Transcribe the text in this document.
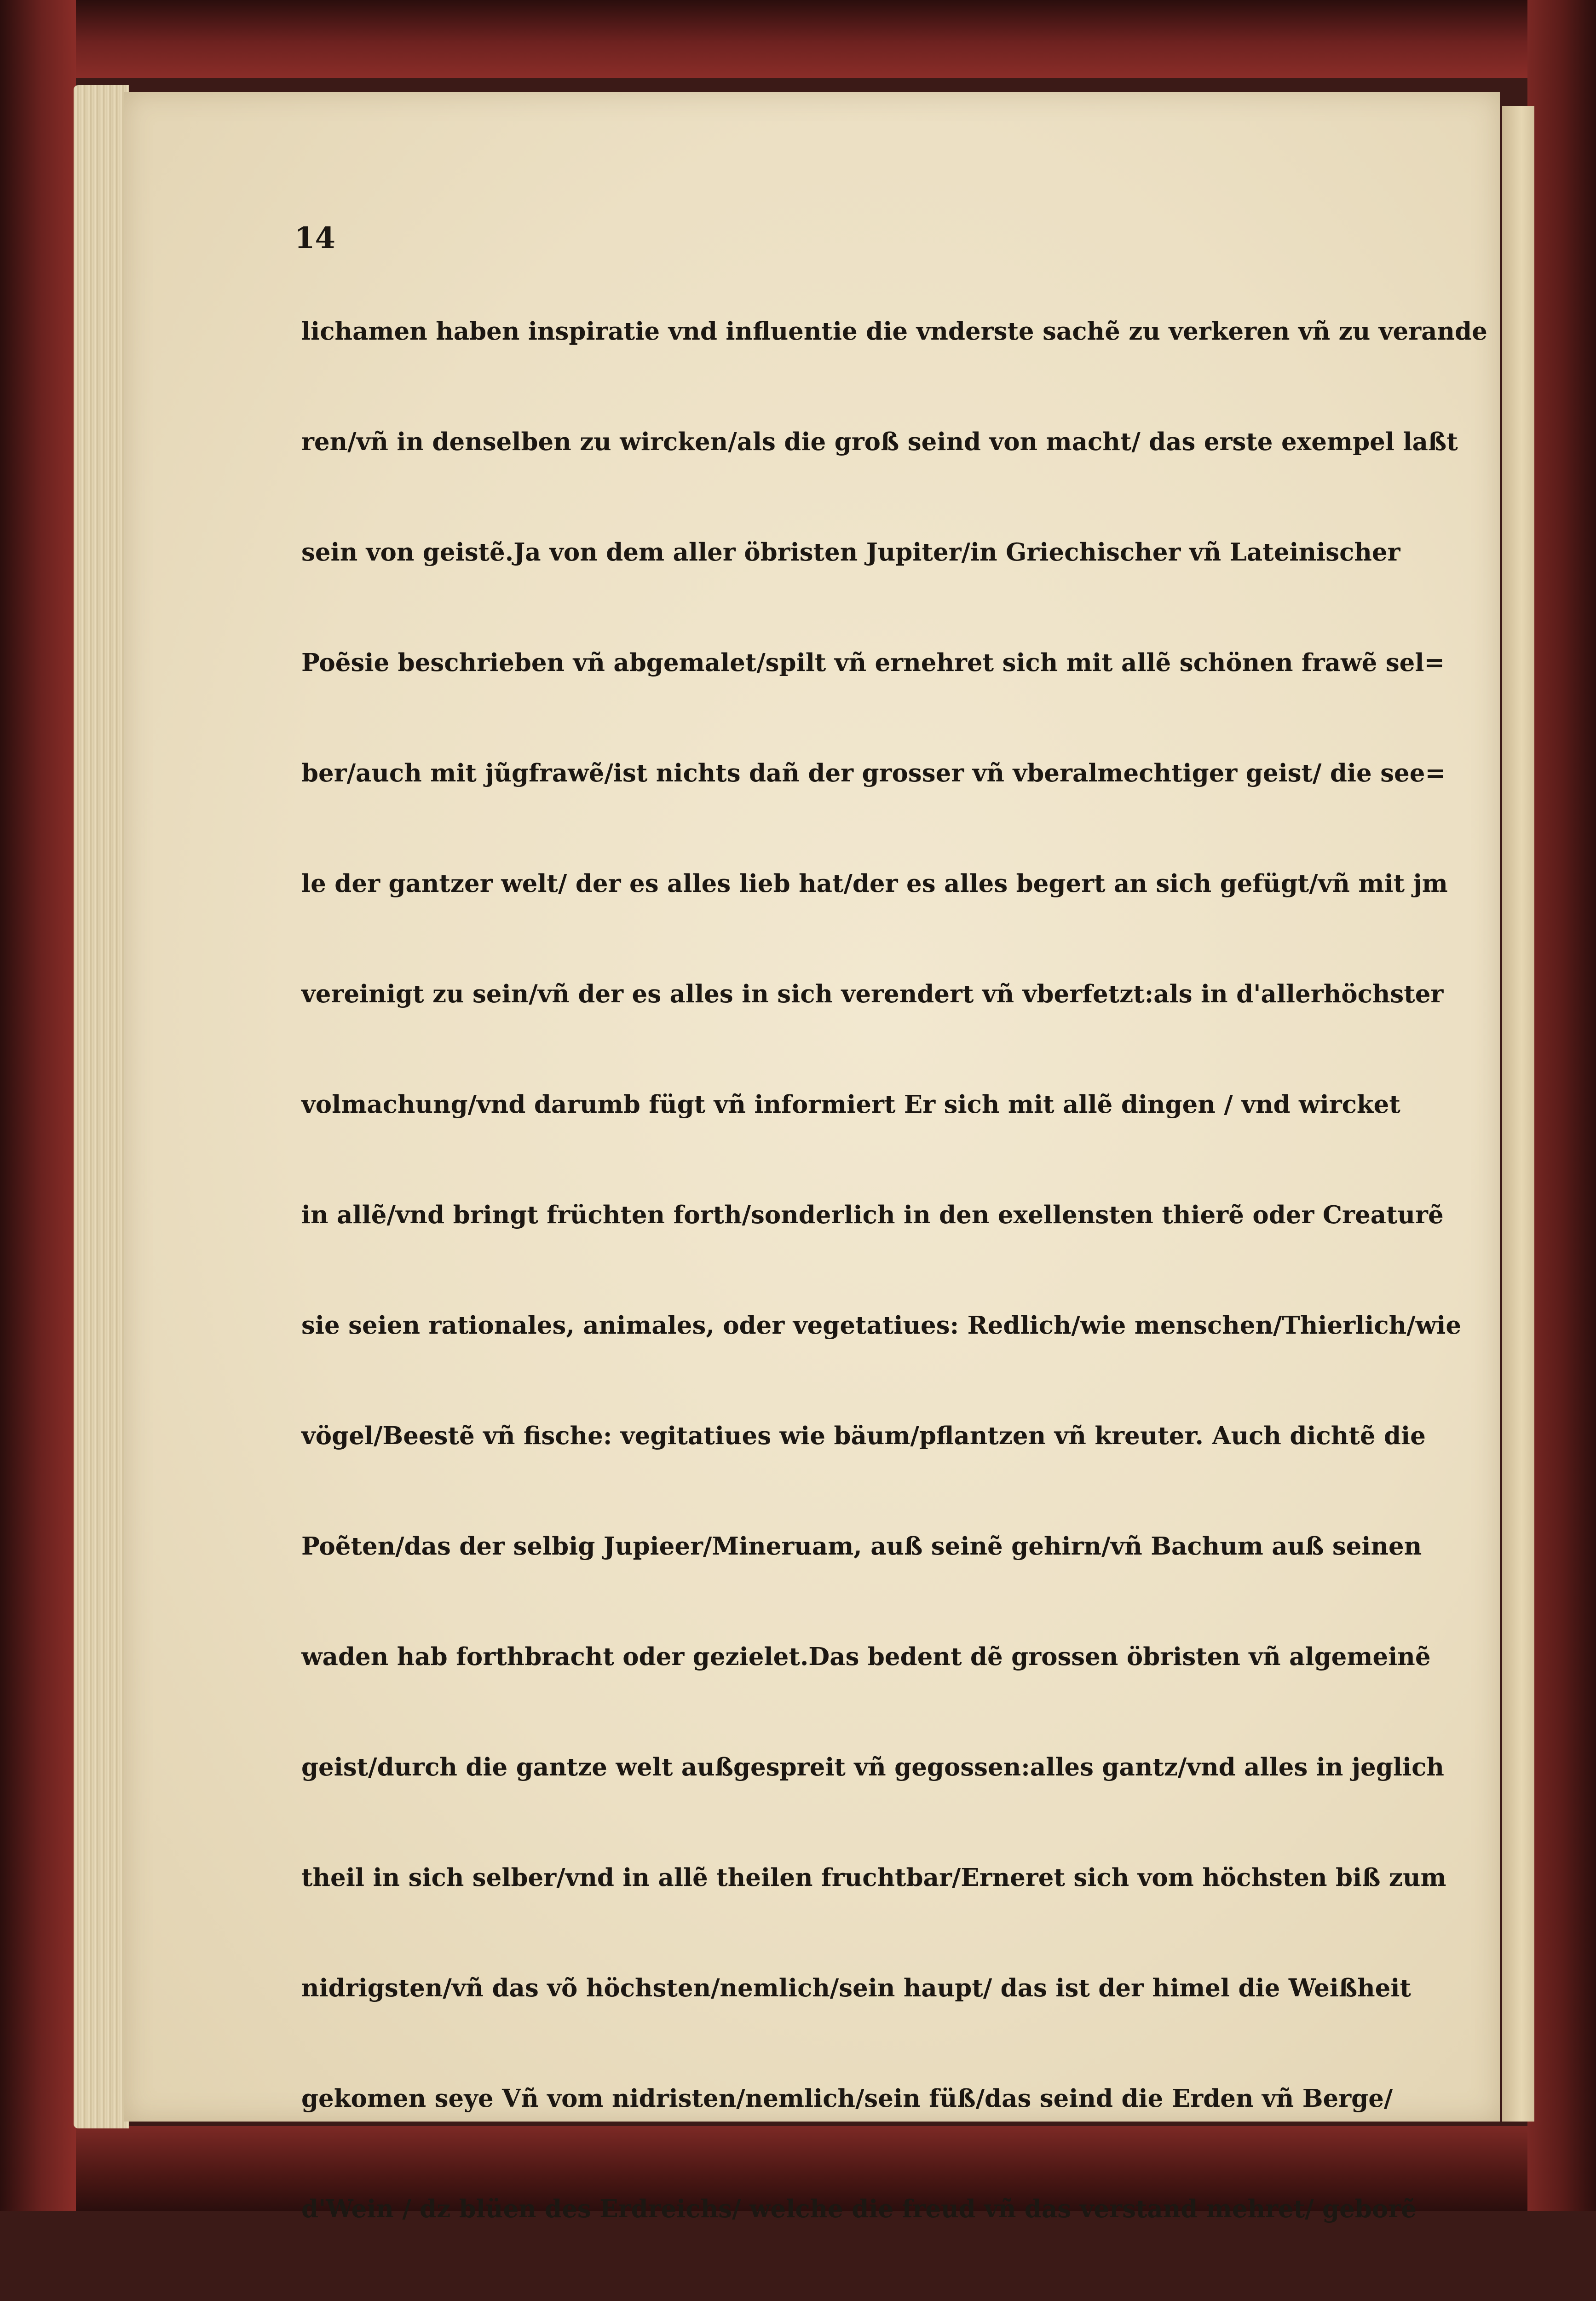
14

lichamen haben inspiratie vnd influentie die vnderste sachẽ zu verkeren vñ zu verande

ren/vñ in denselben zu wircken/als die groß seind von macht/ das erste exempel laßt

sein von geistẽ.Ja von dem aller öbristen Jupiter/in Griechischer vñ Lateinischer

Poẽsie beschrieben vñ abgemalet/spilt vñ ernehret sich mit allẽ schönen frawẽ sel=

ber/auch mit jũgfrawẽ/ist nichts dañ der grosser vñ vberalmechtiger geist/ die see=

le der gantzer welt/ der es alles lieb hat/der es alles begert an sich gefügt/vñ mit jm

vereinigt zu sein/vñ der es alles in sich verendert vñ vberfetzt:als in d'allerhöchster

volmachung/vnd darumb fügt vñ informiert Er sich mit allẽ dingen / vnd wircket

in allẽ/vnd bringt früchten forth/sonderlich in den exellensten thierẽ oder Creaturẽ

sie seien rationales, animales, oder vegetatiues: Redlich/wie menschen/Thierlich/wie

vögel/Beestẽ vñ fische: vegitatiues wie bäum/pflantzen vñ kreuter. Auch dichtẽ die

Poẽten/das der selbig Jupieer/Mineruam, auß seinẽ gehirn/vñ Bachum auß seinen

waden hab forthbracht oder gezielet.Das bedent dẽ grossen öbristen vñ algemeinẽ

geist/durch die gantze welt außgespreit vñ gegossen:alles gantz/vnd alles in jeglich

theil in sich selber/vnd in allẽ theilen fruchtbar/Erneret sich vom höchsten biß zum

nidrigsten/vñ das võ höchsten/nemlich/sein haupt/ das ist der himel die Weißheit

gekomen seye Vñ vom nidristen/nemlich/sein füß/das seind die Erden vñ Berge/

d'Wein / dz blüen des Erdreichs/ welche die freud vñ das verstand mehret/ geborẽ
